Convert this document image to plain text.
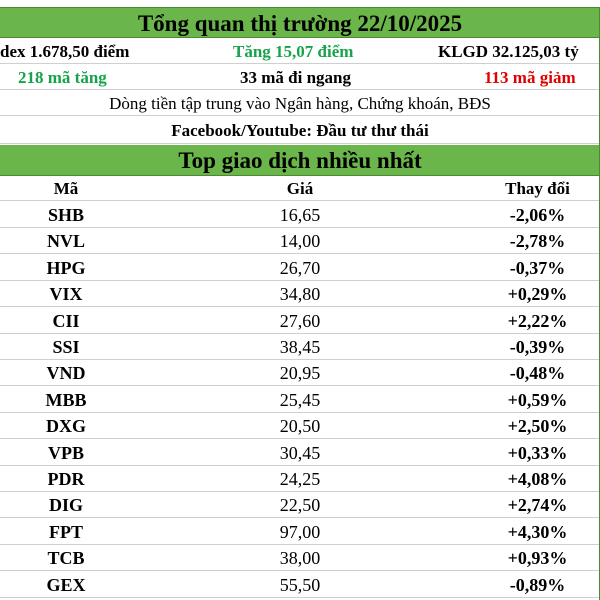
Tổng quan thị trường 22/10/2025
dex 1.678,50 điểm	Tăng 15,07 điểm	KLGD 32.125,03 tỷ
218 mã tăng	33 mã đi ngang	113 mã giảm
Dòng tiền tập trung vào Ngân hàng, Chứng khoán, BĐS
Facebook/Youtube: Đầu tư thư thái
Top giao dịch nhiều nhất
Mã	Giá	Thay đổi
SHB	16,65	-2,06%
NVL	14,00	-2,78%
HPG	26,70	-0,37%
VIX	34,80	+0,29%
CII	27,60	+2,22%
SSI	38,45	-0,39%
VND	20,95	-0,48%
MBB	25,45	+0,59%
DXG	20,50	+2,50%
VPB	30,45	+0,33%
PDR	24,25	+4,08%
DIG	22,50	+2,74%
FPT	97,00	+4,30%
TCB	38,00	+0,93%
GEX	55,50	-0,89%
